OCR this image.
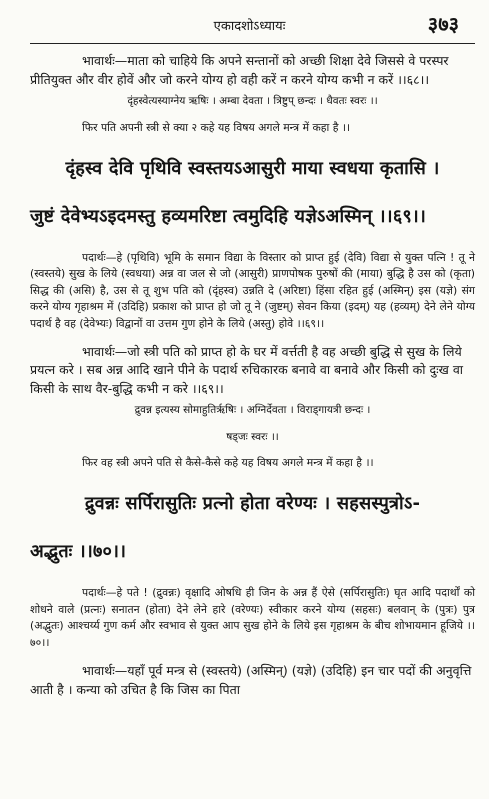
एकादशोऽध्यायः	३७३

भावार्थः—माता को चाहिये कि अपने सन्तानों को अच्छी शिक्षा देवे जिससे वे परस्पर प्रीतियुक्त और वीर होवें और जो करने योग्य हो वही करें न करने योग्य कभी न करें ।।६८।।

दृंहस्वेत्यस्याग्नेय ऋषिः । अम्बा देवता । त्रिष्टुप् छन्दः । धैवतः स्वरः ।।

फिर पति अपनी स्त्री से क्या २ कहे यह विषय अगले मन्त्र में कहा है ।।

दृंहस्व देवि पृथिवि स्वस्तयऽआसुरी माया स्वधया कृतासि ।

जुष्टं देवेभ्यऽइदमस्तु हव्यमरिष्टा त्वमुदिहि यज्ञेऽअस्मिन् ।।६९।।

पदार्थः—हे (पृथिवि) भूमि के समान विद्या के विस्तार को प्राप्त हुई (देवि) विद्या से युक्त पत्नि ! तू ने (स्वस्तये) सुख के लिये (स्वधया) अन्न वा जल से जो (आसुरी) प्राणपोषक पुरुषों की (माया) बुद्धि है उस को (कृता) सिद्ध की (असि) है, उस से तू शुभ पति को (दृंहस्व) उन्नति दे (अरिष्टा) हिंसा रहित हुई (अस्मिन्) इस (यज्ञे) संग करने योग्य गृहाश्रम में (उदिहि) प्रकाश को प्राप्त हो जो तू ने (जुष्टम्) सेवन किया (इदम्) यह (हव्यम्) देने लेने योग्य पदार्थ है वह (देवेभ्यः) विद्वानों वा उत्तम गुण होने के लिये (अस्तु) होवे ।।६९।।

भावार्थः—जो स्त्री पति को प्राप्त हो के घर में वर्त्तती है वह अच्छी बुद्धि से सुख के लिये प्रयत्न करे । सब अन्न आदि खाने पीने के पदार्थ रुचिकारक बनावे वा बनावे और किसी को दुःख वा किसी के साथ वैर-बुद्धि कभी न करे ।।६९।।

द्रुवन्न इत्यस्य सोमाहुतिर्ऋषिः । अग्निर्देवता । विराड्गायत्री छन्दः ।

षड्जः स्वरः ।।

फिर वह स्त्री अपने पति से कैसे-कैसे कहे यह विषय अगले मन्त्र में कहा है ।।

द्रुवन्नः सर्पिरासुतिः प्रत्नो होता वरेण्यः । सहसस्पुत्रोऽ-

अद्भुतः ।।७०।।

पदार्थः—हे पते ! (द्रुवन्नः) वृक्षादि ओषधि ही जिन के अन्न हैं ऐसे (सर्पिरासुतिः) घृत आदि पदार्थों को शोधने वाले (प्रत्नः) सनातन (होता) देने लेने हारे (वरेण्यः) स्वीकार करने योग्य (सहसः) बलवान् के (पुत्रः) पुत्र (अद्भुतः) आश्चर्य्य गुण कर्म और स्वभाव से युक्त आप सुख होने के लिये इस गृहाश्रम के बीच शोभायमान हूजिये ।।७०।।

भावार्थः—यहाँ पूर्व मन्त्र से (स्वस्तये) (अस्मिन्) (यज्ञे) (उदिहि) इन चार पदों की अनुवृत्ति आती है । कन्या को उचित है कि जिस का पिता
